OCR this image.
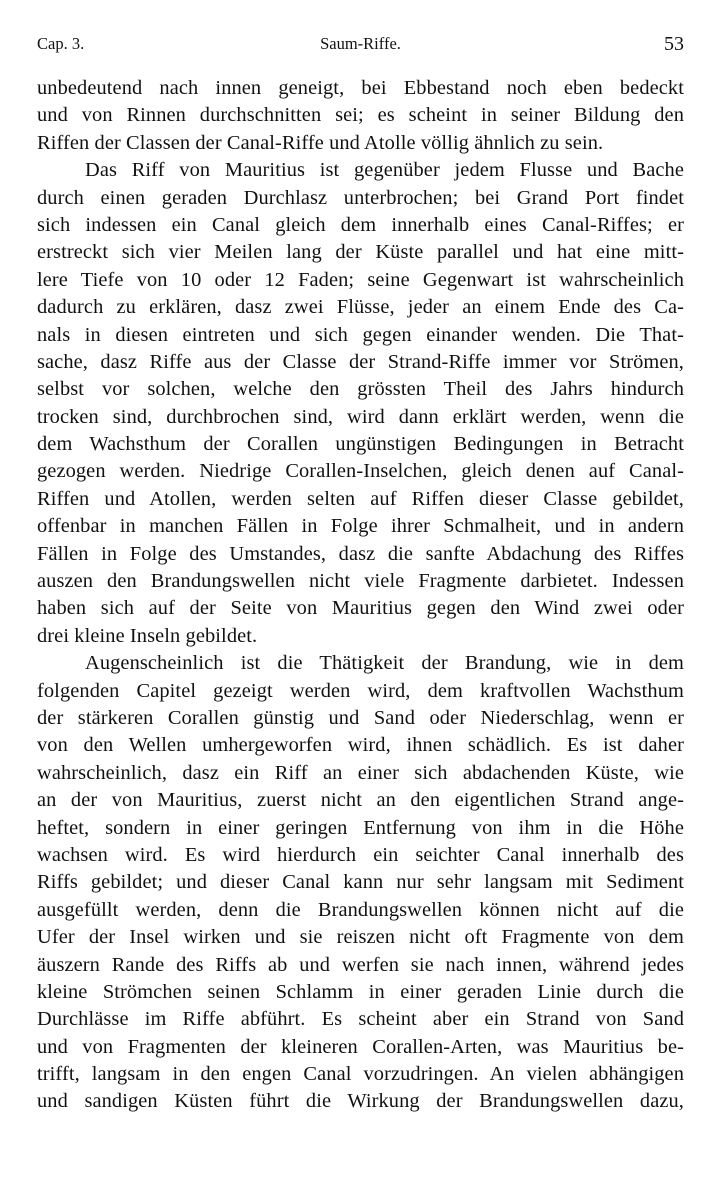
Cap. 3.	Saum-Riffe.	53
unbedeutend nach innen geneigt, bei Ebbestand noch eben bedeckt
und von Rinnen durchschnitten sei; es scheint in seiner Bildung den
Riffen der Classen der Canal-Riffe und Atolle völlig ähnlich zu sein.
Das Riff von Mauritius ist gegenüber jedem Flusse und Bache
durch einen geraden Durchlasz unterbrochen; bei Grand Port findet
sich indessen ein Canal gleich dem innerhalb eines Canal-Riffes; er
erstreckt sich vier Meilen lang der Küste parallel und hat eine mitt-
lere Tiefe von 10 oder 12 Faden; seine Gegenwart ist wahrscheinlich
dadurch zu erklären, dasz zwei Flüsse, jeder an einem Ende des Ca-
nals in diesen eintreten und sich gegen einander wenden. Die That-
sache, dasz Riffe aus der Classe der Strand-Riffe immer vor Strömen,
selbst vor solchen, welche den grössten Theil des Jahrs hindurch
trocken sind, durchbrochen sind, wird dann erklärt werden, wenn die
dem Wachsthum der Corallen ungünstigen Bedingungen in Betracht
gezogen werden. Niedrige Corallen-Inselchen, gleich denen auf Canal-
Riffen und Atollen, werden selten auf Riffen dieser Classe gebildet,
offenbar in manchen Fällen in Folge ihrer Schmalheit, und in andern
Fällen in Folge des Umstandes, dasz die sanfte Abdachung des Riffes
auszen den Brandungswellen nicht viele Fragmente darbietet. Indessen
haben sich auf der Seite von Mauritius gegen den Wind zwei oder
drei kleine Inseln gebildet.
Augenscheinlich ist die Thätigkeit der Brandung, wie in dem
folgenden Capitel gezeigt werden wird, dem kraftvollen Wachsthum
der stärkeren Corallen günstig und Sand oder Niederschlag, wenn er
von den Wellen umhergeworfen wird, ihnen schädlich. Es ist daher
wahrscheinlich, dasz ein Riff an einer sich abdachenden Küste, wie
an der von Mauritius, zuerst nicht an den eigentlichen Strand ange-
heftet, sondern in einer geringen Entfernung von ihm in die Höhe
wachsen wird. Es wird hierdurch ein seichter Canal innerhalb des
Riffs gebildet; und dieser Canal kann nur sehr langsam mit Sediment
ausgefüllt werden, denn die Brandungswellen können nicht auf die
Ufer der Insel wirken und sie reiszen nicht oft Fragmente von dem
äuszern Rande des Riffs ab und werfen sie nach innen, während jedes
kleine Strömchen seinen Schlamm in einer geraden Linie durch die
Durchlässe im Riffe abführt. Es scheint aber ein Strand von Sand
und von Fragmenten der kleineren Corallen-Arten, was Mauritius be-
trifft, langsam in den engen Canal vorzudringen. An vielen abhängigen
und sandigen Küsten führt die Wirkung der Brandungswellen dazu,
